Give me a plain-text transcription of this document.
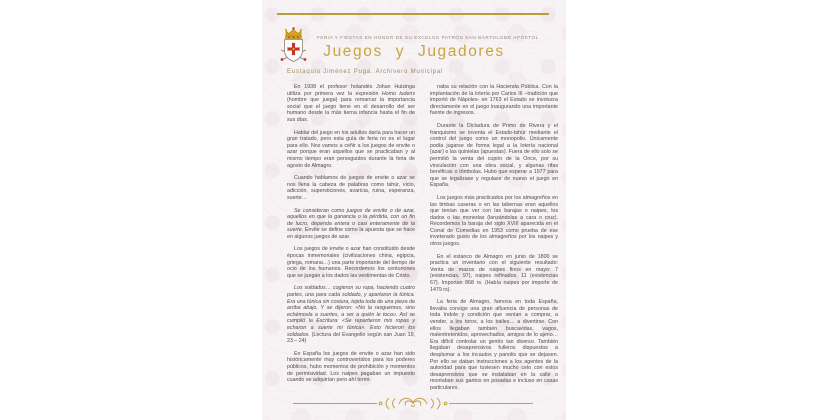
FERIA Y FIESTAS EN HONOR DE SU EXCELSO PATRÓN SAN BARTOLOMÉ APÓSTOL
Juegos y Jugadores
Eustaquio Jiménez Puga. Archivero Municipal

En 1938 el profesor holandés Johan Huizinga utiliza por primera vez la expresión Homo ludens (hombre que juega) para remarcar la importancia social que el juego tiene en el desarrollo del ser humano desde la más tierna infancia hasta el fin de sus días.

Hablar del juego en los adultos daría para hacer un gran tratado, pero esta guía de feria no es el lugar para ello. Nos vamos a ceñir a los juegos de envite o azar porque eran aquellos que se practicaban y al mismo tiempo eran perseguidos durante la feria de agosto de Almagro.

Cuando hablamos de juegos de envite o azar se nos llena la cabeza de palabras como tahúr, vicio, adicción, supersticiones, avaricia, ruina, esperanza, suerte…

Se consideran como juegos de envite o de azar, aquellos en que la ganancia o la pérdida, con un fin de lucro, dependa entera o casi enteramente de la suerte. Envite se define como la apuesta que se hace en algunos juegos de azar.

Los juegos de envite o azar han constituido desde épocas inmemoriales (civilizaciones china, egipcia, griega, romana…) una parte importante del tiempo de ocio de los humanos. Recordemos los centuriones que se juegan a los dados las vestimentas de Cristo.

Los soldados… cogieron su ropa, haciendo cuatro partes, una para cada soldado, y apartaron la túnica. Era una túnica sin costura, tejida toda de una pieza de arriba abajo. Y se dijeron: «No la rasguemos, sino echémosla a suertes, a ver a quién le toca». Así se cumplió la Escritura: «Se repartieron mis ropas y echaron a suerte mi túnica». Esto hicieron los soldados. (Lectura del Evangelio según san Juan 19, 23 – 24)

En España los juegos de envite o azar han sido históricamente muy controvertidos para los poderes públicos, hubo momentos de prohibición y momentos de permisividad. Los naipes pagaban un impuesto cuando se adquirían pero ahí termi-

naba su relación con la Hacienda Pública. Con la implantación de la lotería por Carlos III –tradición que importó de Nápoles- en 1763 el Estado se involucra directamente en el juego inaugurando una importante fuente de ingresos.

Durante la Dictadura de Primo de Rivera y el franquismo se inventa el Estado-tahúr mediante el control del juego como un monopolio. Únicamente podía jugarse de forma legal a la lotería nacional (azar) o las quinielas (apuestas). Fuera de ello solo se permitió la venta del cupón de la Once, por su vinculación con una obra social, y algunas rifas benéficas o tómbolas. Hubo que esperar a 1977 para que se legalizase y regulase de nuevo el juego en España.

Los juegos más practicados por los almagreños en las timbas caseras o en las tabernas eran aquellos que tenían que ver con las barajas o naipes, los dados o las monedas (lanzándolas a cara o cruz). Recordemos la baraja del siglo XVIII aparecida en el Corral de Comedias en 1953 como prueba de ese inveterado gusto de los almagreños por los naipes y otros juegos.

En el estanco de Almagro en junio de 1800 se practica un inventario con el siguiente resultado: Venta de mazos de naipes finos en mayo: 7 (existencias, 97), naipes refinados, 11 (existencias 67). Importan 868 rs. (Había naipes por importe de 1479 rs).

La feria de Almagro, famosa en toda España, llevaba consigo una gran afluencia de personas de toda índole y condición que venían a comprar, a vender, a los toros, a los bailes… a divertirse. Con ellos llegaban también buscavidas, vagos, malentretenidos, aprovechados, amigos de lo ajeno… Era difícil controlar un gentío tan diverso. También llegaban desaprensivos fulleros dispuestos a desplumar a los incautos y panolis que se dejasen. Por ello se daban instrucciones a los agentes de la autoridad para que tuviesen mucho celo con estos desaprensivos que se instalaban en la calle o montaban sus garitos en posadas e incluso en casas particulares.
